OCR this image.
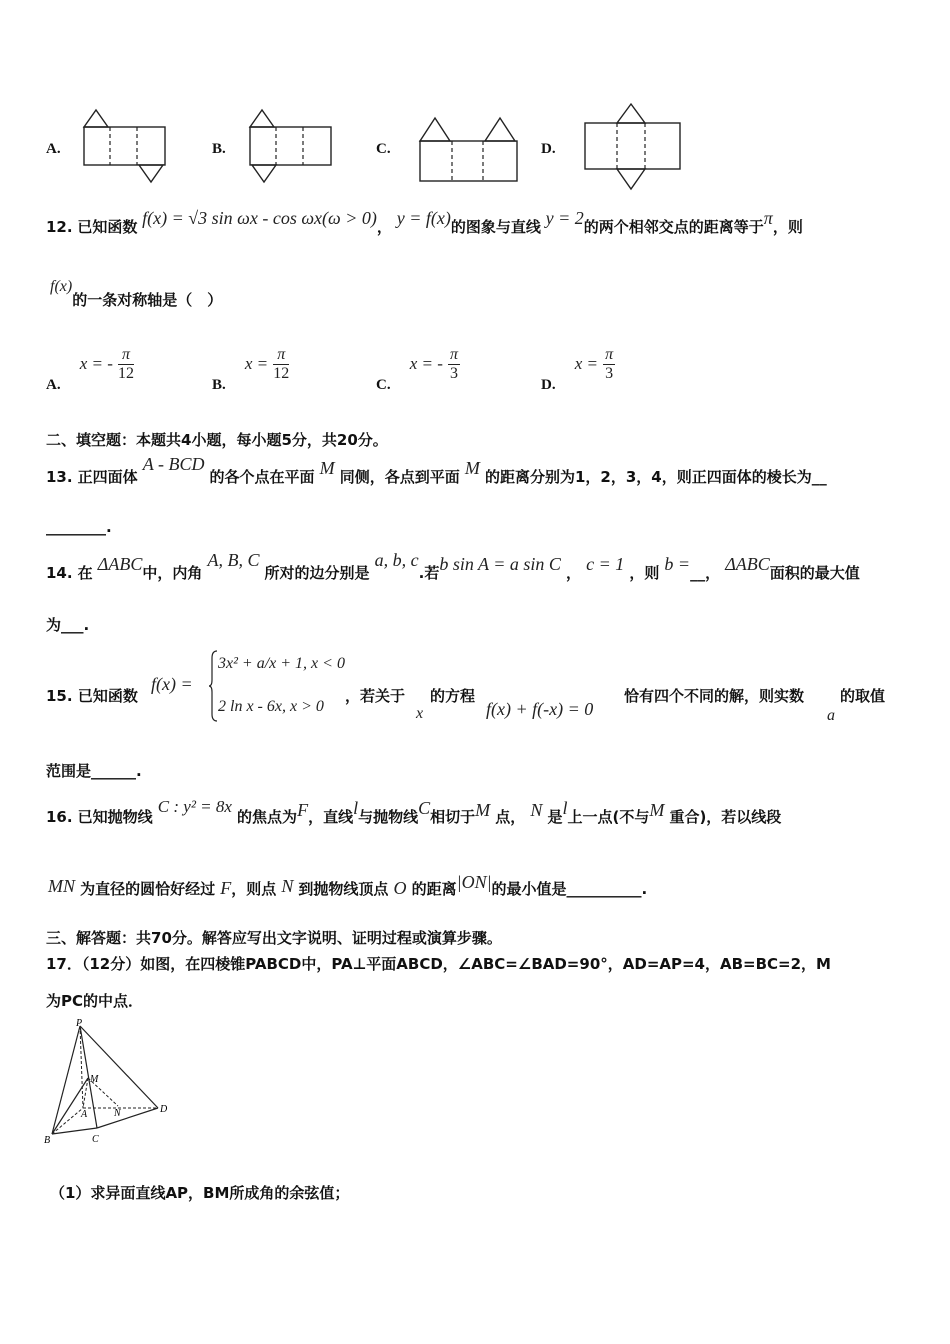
A.	B.	C.	D.
12. 已知函数 f(x) = √3 sin ωx - cos ωx(ω > 0)， y = f(x)的图象与直线 y = 2的两个相邻交点的距离等于π，则
f(x)的一条对称轴是（　）
A. x = - $\frac{\pi}{12}$
B. $x = \frac{\pi}{12}$
C. x = - $\frac{\pi}{3}$
D. $x = \frac{\pi}{3}$
二、填空题：本题共4小题，每小题5分，共20分。
13. 正四面体 A - BCD 的各个点在平面 M 同侧，各点到平面 M 的距离分别为1，2，3，4，则正四面体的棱长为__
________.
14. 在 ΔABC中，内角 A, B, C 所对的边分别是 a, b, c.若b sin A = a sin C ， c = 1 ，则 b =__， ΔABC面积的最大值
为___.
15. 已知函数
f(x) =
3x² + a/x + 1, x < 0
2 ln x - 6x, x > 0
，若关于
x
的方程
f(x) + f(-x) = 0
恰有四个不同的解，则实数
a
的取值
范围是______.
16. 已知抛物线 C : y² = 8x 的焦点为F，直线l与抛物线C相切于M 点， N 是l上一点(不与M 重合)，若以线段
MN 为直径的圆恰好经过 F，则点 N 到抛物线顶点 O 的距离|ON|的最小值是__________.
三、解答题：共70分。解答应写出文字说明、证明过程或演算步骤。
17．（12分）如图，在四棱锥PABCD中，PA⊥平面ABCD，∠ABC=∠BAD=90°，AD=AP=4，AB=BC=2，M
为PC的中点．
P
M
A	N	D
B	C
（1）求异面直线AP，BM所成角的余弦值；
